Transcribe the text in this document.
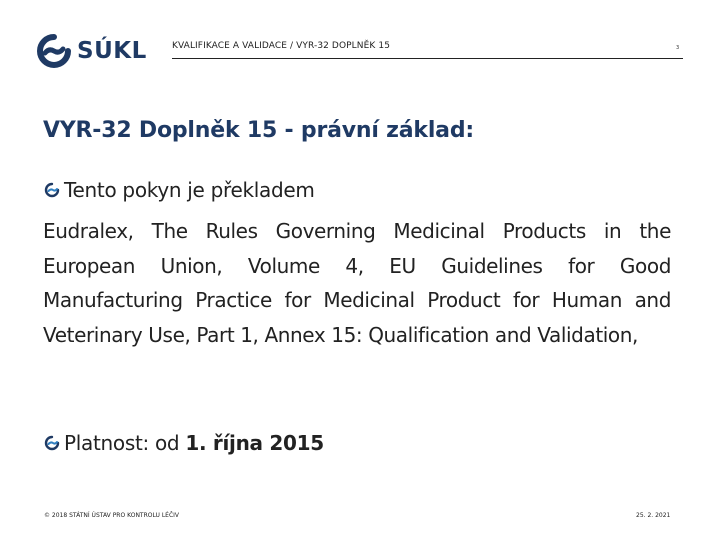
SÚKL	KVALIFIKACE A VALIDACE / VYR-32 DOPLNĚK 15	3
VYR-32 Doplněk 15 - právní základ:
Tento pokyn je překladem

Eudralex, The Rules Governing Medicinal Products in the European Union, Volume 4, EU Guidelines for Good Manufacturing Practice for Medicinal Product for Human and Veterinary Use, Part 1, Annex 15: Qualification and Validation,

Platnost: od 1. října 2015
© 2018 STÁTNÍ ÚSTAV PRO KONTROLU LÉČIV	25. 2. 2021
